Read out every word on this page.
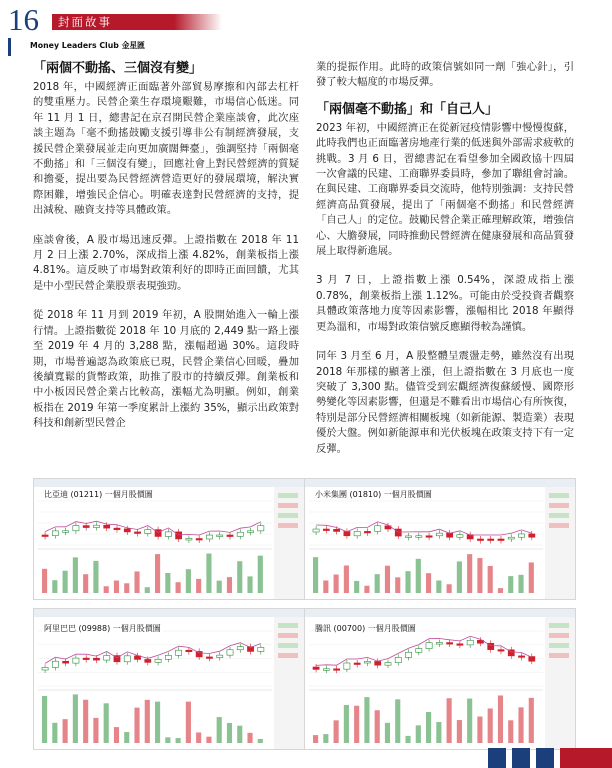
16	封面故事
Money Leaders Club 金星匯
「兩個不動搖、三個沒有變」

2018 年，中國經濟正面臨著外部貿易摩擦和內部去杠杆的雙重壓力。民營企業生存環境艱難，市場信心低迷。同年 11 月 1 日，總書記在京召開民營企業座談會，此次座談主題為「毫不動搖鼓勵支援引導非公有制經濟發展，支援民營企業發展並走向更加廣闊舞臺」，強調堅持「兩個毫不動搖」和「三個沒有變」，回應社會上對民營經濟的質疑和擔憂，提出要為民營經濟營造更好的發展環境，解決實際困難，增強民企信心。明確表達對民營經濟的支持，提出減稅、融資支持等具體政策。

座談會後，A 股市場迅速反彈。上證指數在 2018 年 11 月 2 日上漲 2.70%，深成指上漲 4.82%，創業板指上漲 4.81%。這反映了市場對政策利好的即時正面回饋，尤其是中小型民營企業股票表現強勁。

從 2018 年 11 月到 2019 年初，A 股開始進入一輪上漲行情。上證指數從 2018 年 10 月底的 2,449 點一路上漲至 2019 年 4 月的 3,288 點，漲幅超過 30%。這段時期，市場普遍認為政策底已現，民營企業信心回暖，疊加後續寬鬆的貨幣政策，助推了股市的持續反彈。創業板和中小板因民營企業占比較高，漲幅尤為明顯。例如，創業板指在 2019 年第一季度累計上漲約 35%，顯示出政策對科技和創新型民營企

業的提振作用。此時的政策信號如同一劑「強心針」，引發了較大幅度的市場反彈。

「兩個毫不動搖」和「自己人」

2023 年初，中國經濟正在從新冠疫情影響中慢慢復蘇，此時我們也正面臨著房地產行業的低迷與外部需求疲軟的挑戰。3 月 6 日，習總書記在看望參加全國政協十四屆一次會議的民建、工商聯界委員時，參加了聯組會討論。在與民建、工商聯界委員交流時，他特別強調：支持民營經濟高品質發展，提出了「兩個毫不動搖」和民營經濟「自己人」的定位。鼓勵民營企業正確理解政策，增強信心、大膽發展，同時推動民營經濟在健康發展和高品質發展上取得新進展。

3 月 7 日，上證指數上漲 0.54%，深證成指上漲 0.78%，創業板指上漲 1.12%。可能由於受投資者觀察具體政策落地力度等因素影響，漲幅相比 2018 年顯得更為溫和，市場對政策信號反應顯得較為謹慎。

同年 3 月至 6 月，A 股整體呈震盪走勢，雖然沒有出現 2018 年那樣的顯著上漲，但上證指數在 3 月底也一度突破了 3,300 點。儘管受到宏觀經濟復蘇緩慢、國際形勢變化等因素影響，但還是不難看出市場信心有所恢復，特別是部分民營經濟相關板塊（如新能源、製造業）表現優於大盤。例如新能源車和光伏板塊在政策支持下有一定反彈。

比亞迪 (01211) 一個月股價圖	小米集團 (01810) 一個月股價圖
阿里巴巴 (09988) 一個月股價圖	騰訊 (00700) 一個月股價圖
